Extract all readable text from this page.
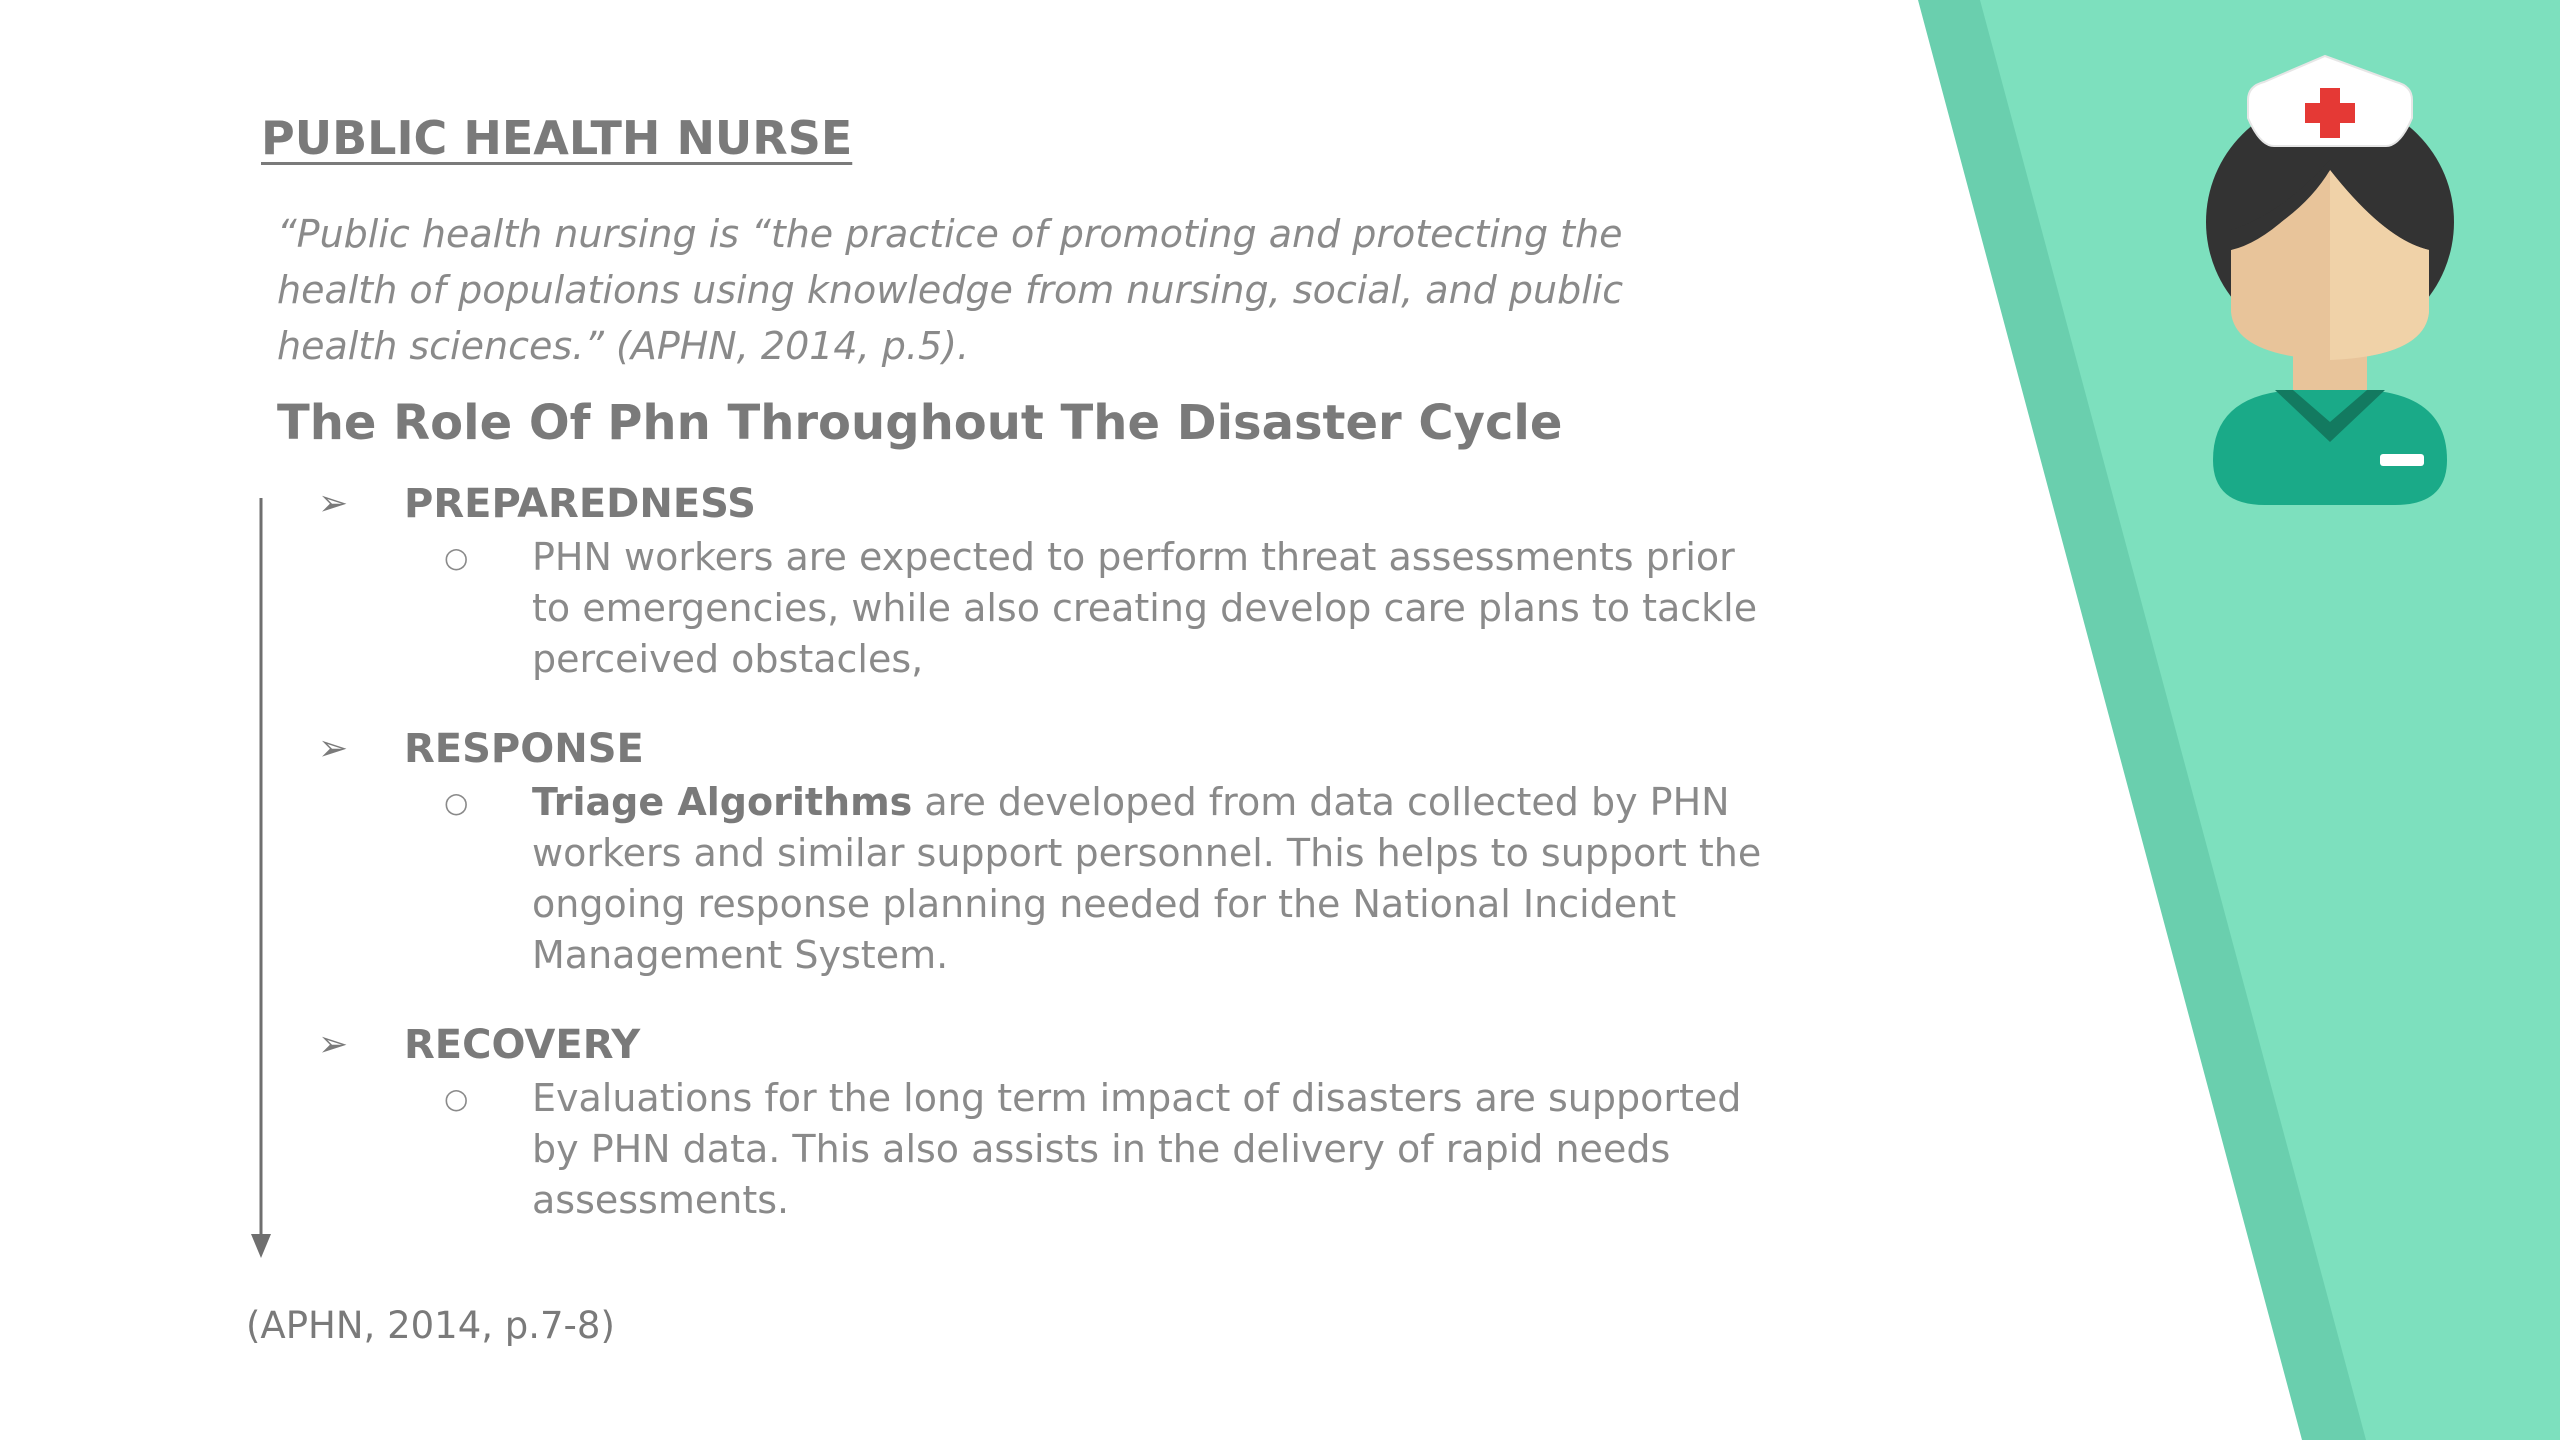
PUBLIC HEALTH NURSE

“Public health nursing is “the practice of promoting and protecting the health of populations using knowledge from nursing, social, and public health sciences.” (APHN, 2014, p.5).

The Role Of Phn Throughout The Disaster Cycle
➢ PREPAREDNESS
○ PHN workers are expected to perform threat assessments prior to emergencies, while also creating develop care plans to tackle perceived obstacles,

➢ RESPONSE
○ Triage Algorithms are developed from data collected by PHN workers and similar support personnel. This helps to support the ongoing response planning needed for the National Incident Management System.

➢ RECOVERY
○ Evaluations for the long term impact of disasters are supported by PHN data. This also assists in the delivery of rapid needs assessments.

(APHN, 2014, p.7-8)
